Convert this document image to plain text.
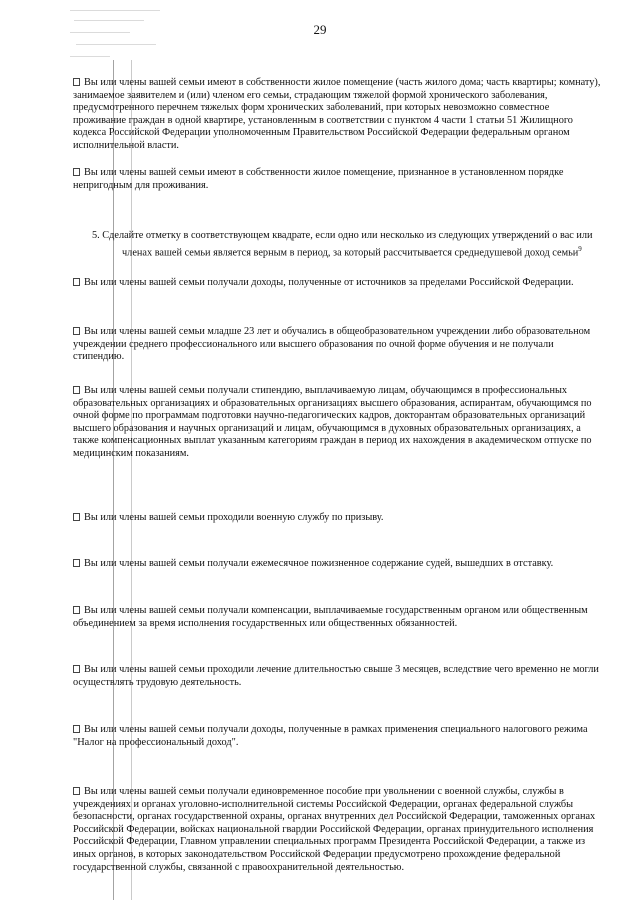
29
Вы или члены вашей семьи имеют в собственности жилое помещение (часть жилого дома; часть квартиры; комнату), занимаемое заявителем и (или) членом его семьи, страдающим тяжелой формой хронического заболевания, предусмотренного перечнем тяжелых форм хронических заболеваний, при которых невозможно совместное проживание граждан в одной квартире, установленным в соответствии с пунктом 4 части 1 статьи 51 Жилищного кодекса Российской Федерации уполномоченным Правительством Российской Федерации федеральным органом исполнительной власти.
Вы или члены вашей семьи имеют в собственности жилое помещение, признанное в установленном порядке непригодным для проживания.
5. Сделайте отметку в соответствующем квадрате, если одно или несколько из следующих утверждений о вас или
членах вашей семьи является верным в период, за который рассчитывается среднедушевой доход семьи$^9$
Вы или члены вашей семьи получали доходы, полученные от источников за пределами Российской Федерации.
Вы или члены вашей семьи младше 23 лет и обучались в общеобразовательном учреждении либо образовательном учреждении среднего профессионального или высшего образования по очной форме обучения и не получали стипендию.
Вы или члены вашей семьи получали стипендию, выплачиваемую лицам, обучающимся в профессиональных образовательных организациях и образовательных организациях высшего образования, аспирантам, обучающимся по очной форме по программам подготовки научно-педагогических кадров, докторантам образовательных организаций высшего образования и научных организаций и лицам, обучающимся в духовных образовательных организациях, а также компенсационных выплат указанным категориям граждан в период их нахождения в академическом отпуске по медицинским показаниям.
Вы или члены вашей семьи проходили военную службу по призыву.
Вы или члены вашей семьи получали ежемесячное пожизненное содержание судей, вышедших в отставку.
Вы или члены вашей семьи получали компенсации, выплачиваемые государственным органом или общественным объединением за время исполнения государственных или общественных обязанностей.
Вы или члены вашей семьи проходили лечение длительностью свыше 3 месяцев, вследствие чего временно не могли осуществлять трудовую деятельность.
Вы или члены вашей семьи получали доходы, полученные в рамках применения специального налогового режима "Налог на профессиональный доход".
Вы или члены вашей семьи получали единовременное пособие при увольнении с военной службы, службы в учреждениях и органах уголовно-исполнительной системы Российской Федерации, органах федеральной службы безопасности, органах государственной охраны, органах внутренних дел Российской Федерации, таможенных органах Российской Федерации, войсках национальной гвардии Российской Федерации, органах принудительного исполнения Российской Федерации, Главном управлении специальных программ Президента Российской Федерации, а также из иных органов, в которых законодательством Российской Федерации предусмотрено прохождение федеральной государственной службы, связанной с правоохранительной деятельностью.
